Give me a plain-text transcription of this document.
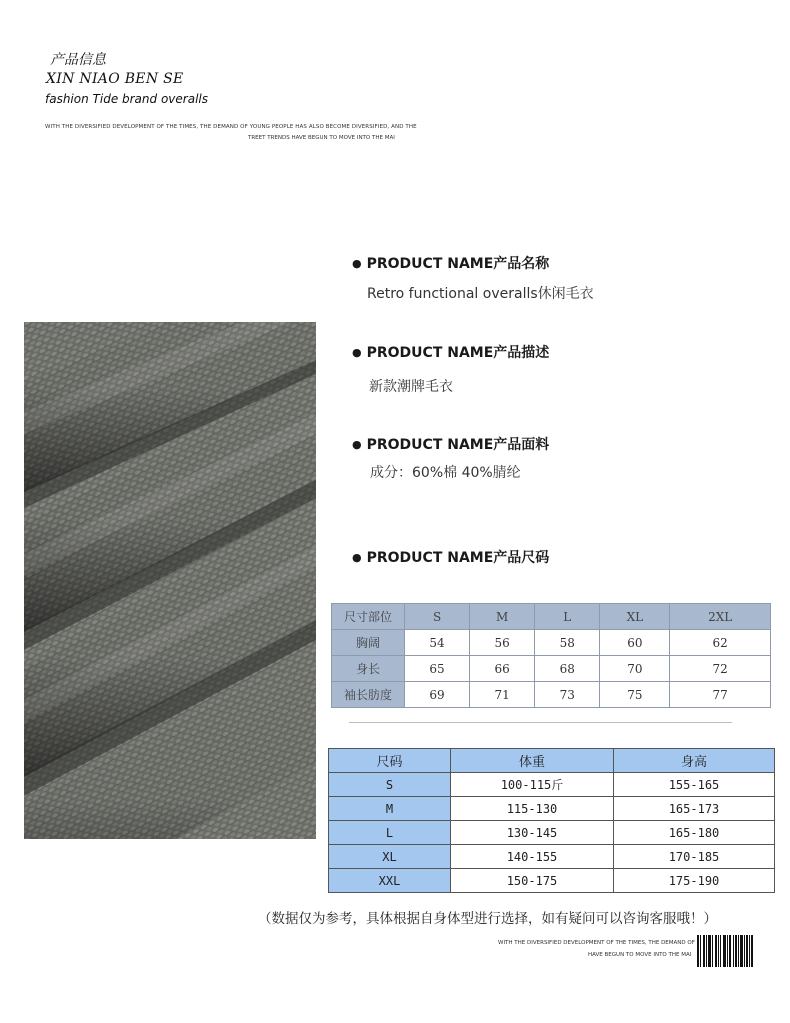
产品信息
XIN NIAO BEN SE
fashion Tide brand overalls
WITH THE DIVERSIFIED DEVELOPMENT OF THE TIMES, THE DEMAND OF YOUNG PEOPLE HAS ALSO BECOME DIVERSIFIED, AND THE
TREET TRENDS HAVE BEGUN TO MOVE INTO THE MAI
● PRODUCT NAME产品名称
Retro functional overalls休闲毛衣
● PRODUCT NAME产品描述
新款潮牌毛衣
● PRODUCT NAME产品面料
成分：60%棉 40%腈纶
● PRODUCT NAME产品尺码
尺寸部位	S	M	L	XL	2XL
胸阔	54	56	58	60	62
身长	65	66	68	70	72
袖长肪度	69	71	73	75	77
尺码	体重	身高
S	100-115斤	155-165
M	115-130	165-173
L	130-145	165-180
XL	140-155	170-185
XXL	150-175	175-190
（数据仅为参考，具体根据自身体型进行选择，如有疑问可以咨询客服哦！）
WITH THE DIVERSIFIED DEVELOPMENT OF THE TIMES, THE DEMAND OF
HAVE BEGUN TO MOVE INTO THE MAI
